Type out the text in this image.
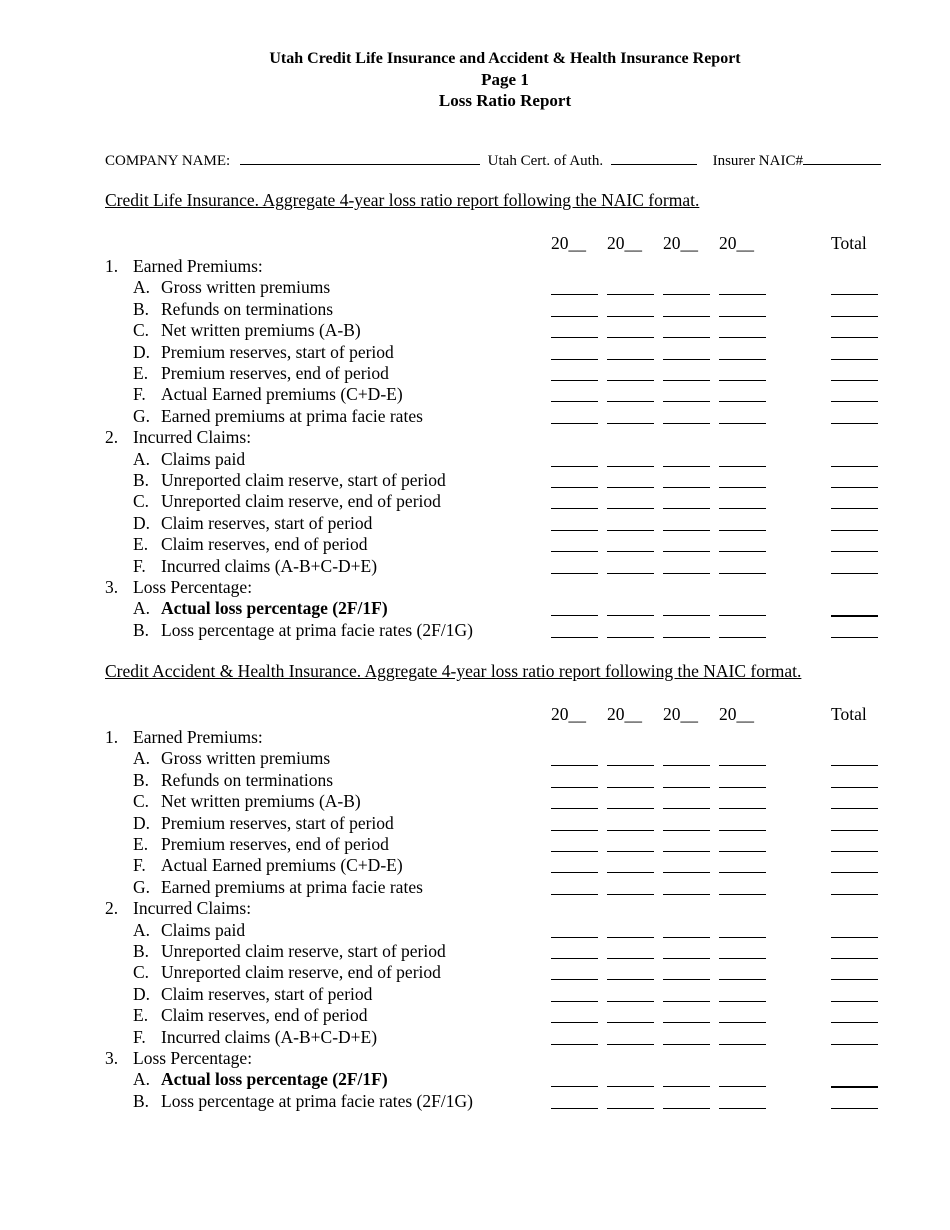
Utah Credit Life Insurance and Accident & Health Insurance Report
Page 1
Loss Ratio Report
COMPANY NAME:	Utah Cert. of Auth.	Insurer NAIC#
Credit Life Insurance. Aggregate 4-year loss ratio report following the NAIC format.
20__ 20__ 20__ 20__	Total
1. Earned Premiums:
A. Gross written premiums
B. Refunds on terminations
C. Net written premiums (A-B)
D. Premium reserves, start of period
E. Premium reserves, end of period
F. Actual Earned premiums (C+D-E)
G. Earned premiums at prima facie rates
2. Incurred Claims:
A. Claims paid
B. Unreported claim reserve, start of period
C. Unreported claim reserve, end of period
D. Claim reserves, start of period
E. Claim reserves, end of period
F. Incurred claims (A-B+C-D+E)
3. Loss Percentage:
A. Actual loss percentage (2F/1F)
B. Loss percentage at prima facie rates (2F/1G)
Credit Accident & Health Insurance. Aggregate 4-year loss ratio report following the NAIC format.
20__ 20__ 20__ 20__	Total
1. Earned Premiums:
A. Gross written premiums
B. Refunds on terminations
C. Net written premiums (A-B)
D. Premium reserves, start of period
E. Premium reserves, end of period
F. Actual Earned premiums (C+D-E)
G. Earned premiums at prima facie rates
2. Incurred Claims:
A. Claims paid
B. Unreported claim reserve, start of period
C. Unreported claim reserve, end of period
D. Claim reserves, start of period
E. Claim reserves, end of period
F. Incurred claims (A-B+C-D+E)
3. Loss Percentage:
A. Actual loss percentage (2F/1F)
B. Loss percentage at prima facie rates (2F/1G)
